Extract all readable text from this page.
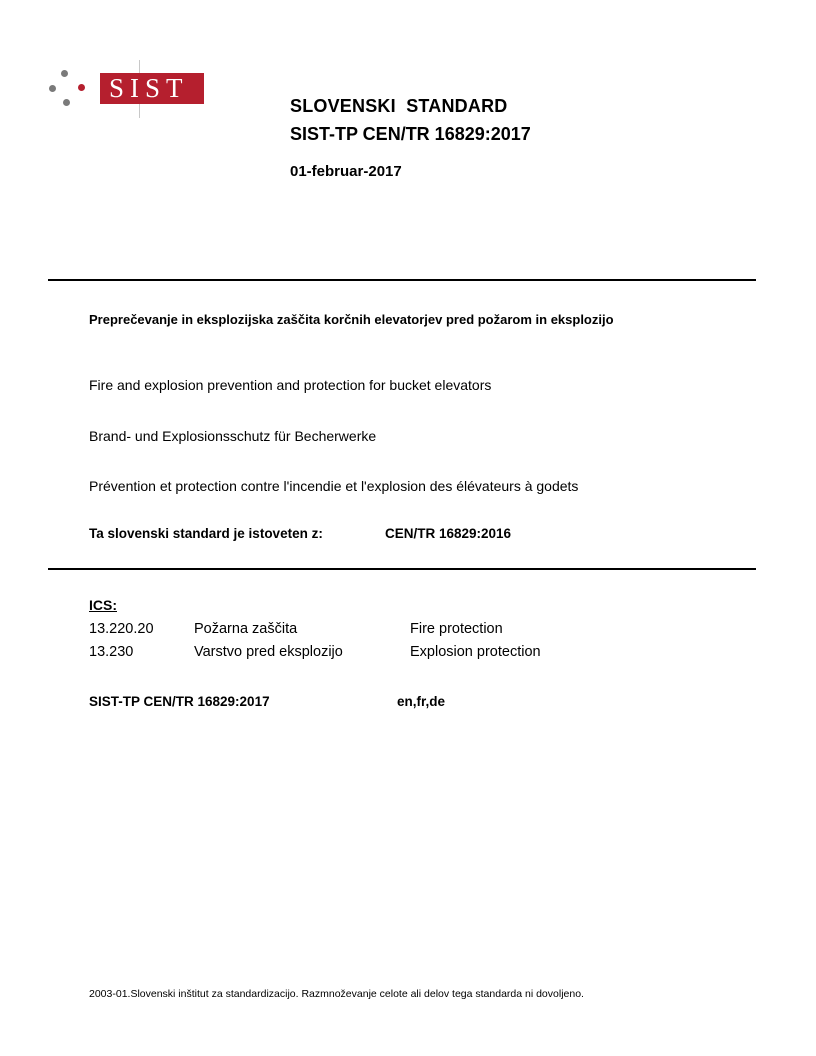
SIST
SLOVENSKI  STANDARD
SIST-TP CEN/TR 16829:2017
01-februar-2017
Preprečevanje in eksplozijska zaščita korčnih elevatorjev pred požarom in eksplozijo
Fire and explosion prevention and protection for bucket elevators
Brand- und Explosionsschutz für Becherwerke
Prévention et protection contre l'incendie et l'explosion des élévateurs à godets
Ta slovenski standard je istoveten z:	CEN/TR 16829:2016
ICS:
13.220.20	Požarna zaščita	Fire protection
13.230	Varstvo pred eksplozijo	Explosion protection
SIST-TP CEN/TR 16829:2017	en,fr,de
2003-01.Slovenski inštitut za standardizacijo. Razmnoževanje celote ali delov tega standarda ni dovoljeno.
